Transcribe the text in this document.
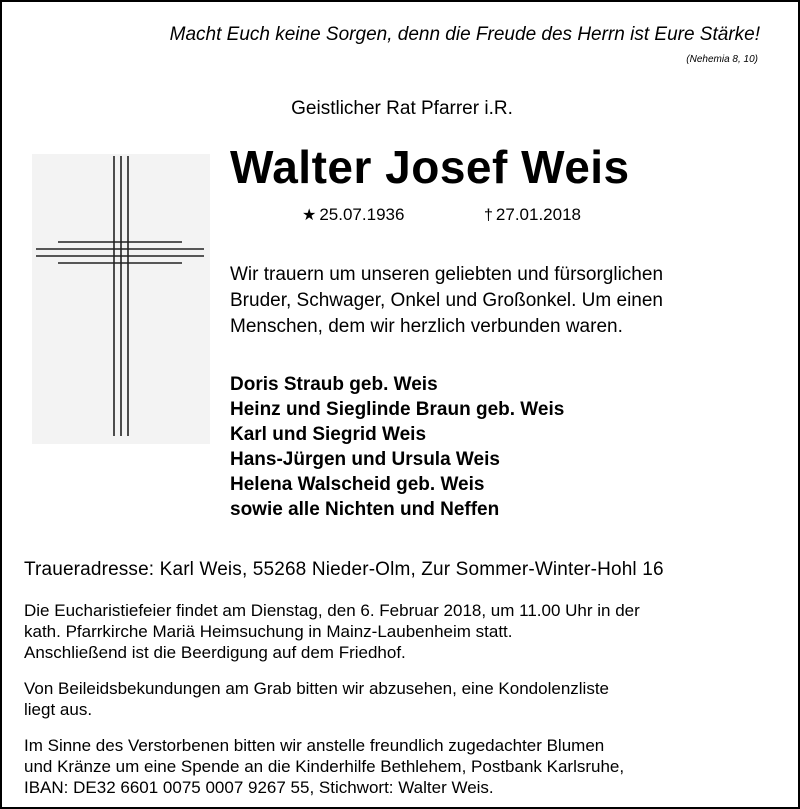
Macht Euch keine Sorgen, denn die Freude des Herrn ist Eure Stärke!
(Nehemia 8, 10)
Geistlicher Rat Pfarrer i.R.
Walter Josef Weis
★ 25.07.1936	† 27.01.2018
Wir trauern um unseren geliebten und fürsorglichen
Bruder, Schwager, Onkel und Großonkel. Um einen
Menschen, dem wir herzlich verbunden waren.
Doris Straub geb. Weis
Heinz und Sieglinde Braun geb. Weis
Karl und Siegrid Weis
Hans-Jürgen und Ursula Weis
Helena Walscheid geb. Weis
sowie alle Nichten und Neffen
Traueradresse: Karl Weis, 55268 Nieder-Olm, Zur Sommer-Winter-Hohl 16
Die Eucharistiefeier findet am Dienstag, den 6. Februar 2018, um 11.00 Uhr in der
kath. Pfarrkirche Mariä Heimsuchung in Mainz-Laubenheim statt.
Anschließend ist die Beerdigung auf dem Friedhof.
Von Beileidsbekundungen am Grab bitten wir abzusehen, eine Kondolenzliste
liegt aus.
Im Sinne des Verstorbenen bitten wir anstelle freundlich zugedachter Blumen
und Kränze um eine Spende an die Kinderhilfe Bethlehem, Postbank Karlsruhe,
IBAN: DE32 6601 0075 0007 9267 55, Stichwort: Walter Weis.
